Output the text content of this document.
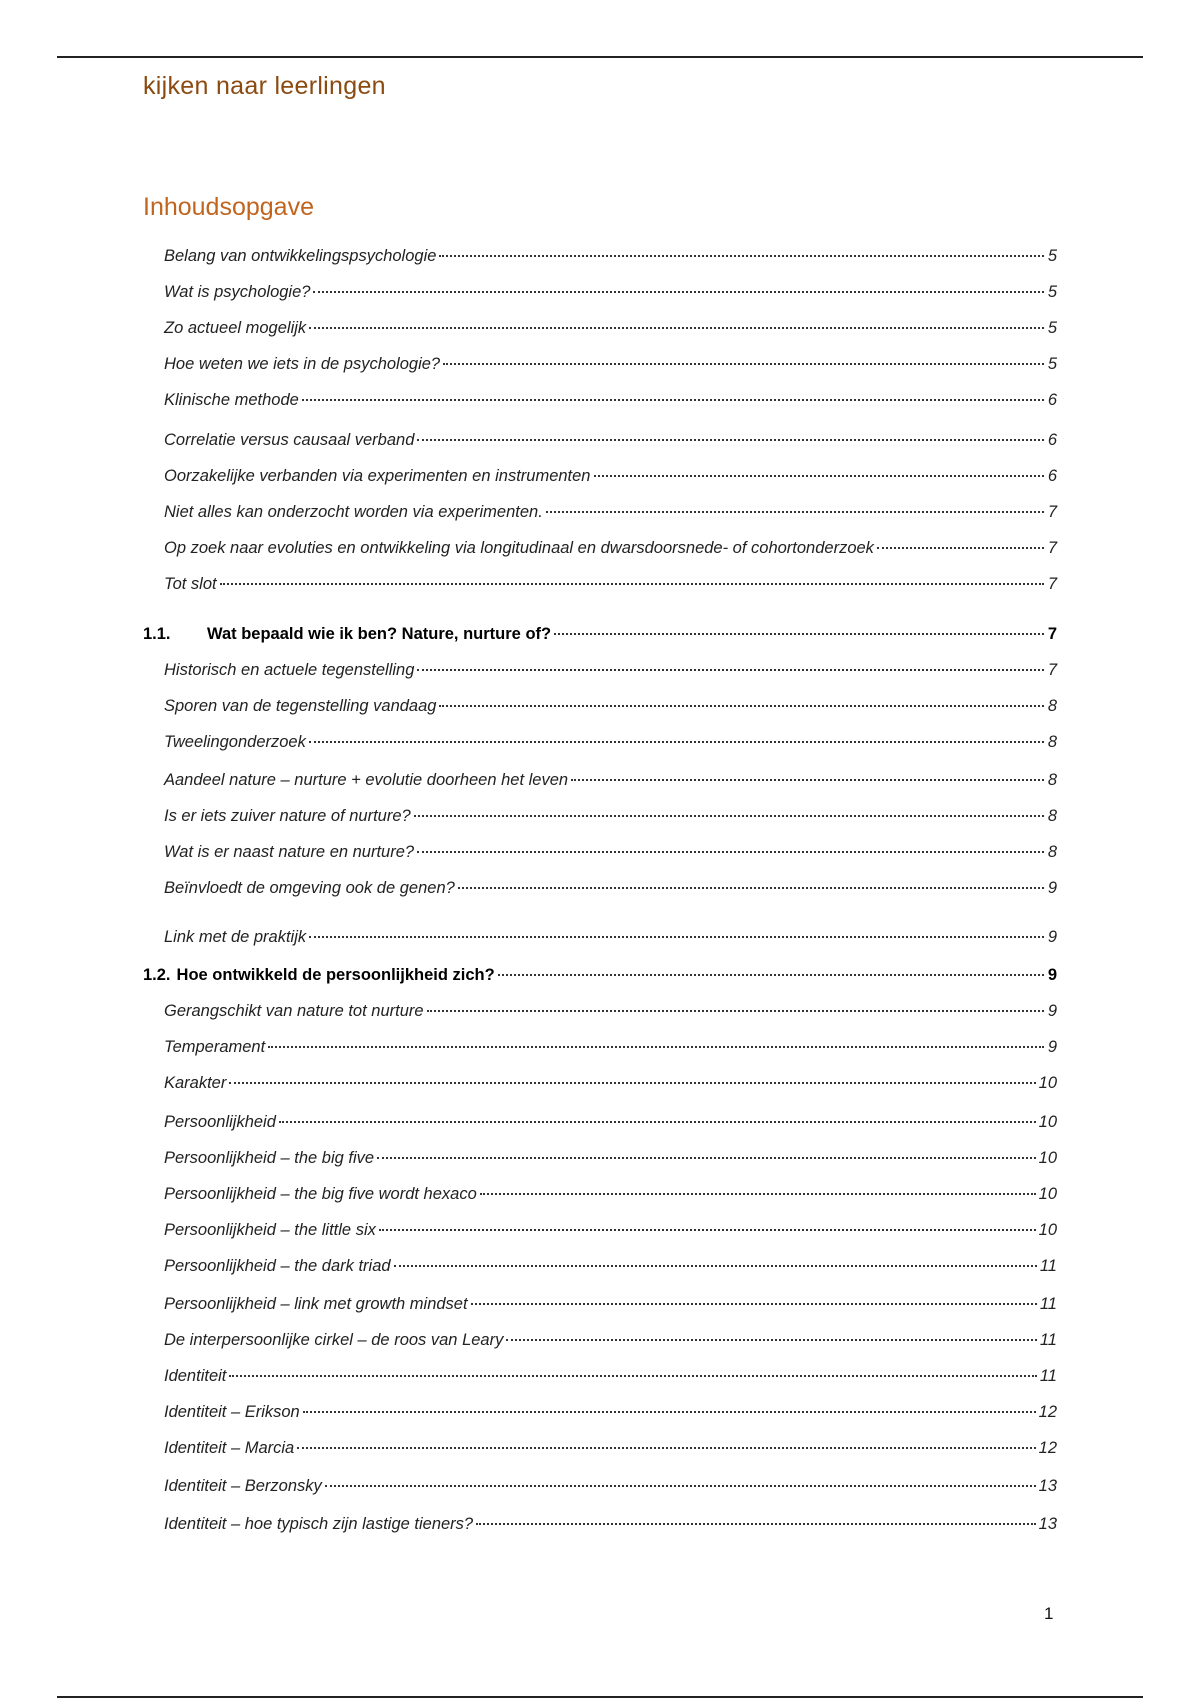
kijken naar leerlingen
Inhoudsopgave
Belang van ontwikkelingspsychologie	5
Wat is psychologie?	5
Zo actueel mogelijk	5
Hoe weten we iets in de psychologie?	5
Klinische methode	6
Correlatie versus causaal verband	6
Oorzakelijke verbanden via experimenten en instrumenten	6
Niet alles kan onderzocht worden via experimenten.	7
Op zoek naar evoluties en ontwikkeling via longitudinaal en dwarsdoorsnede- of cohortonderzoek	7
Tot slot	7
1.1.	Wat bepaald wie ik ben? Nature, nurture of?	7
Historisch en actuele tegenstelling	7
Sporen van de tegenstelling vandaag	8
Tweelingonderzoek	8
Aandeel nature – nurture + evolutie doorheen het leven	8
Is er iets zuiver nature of nurture?	8
Wat is er naast nature en nurture?	8
Beïnvloedt de omgeving ook de genen?	9
Link met de praktijk	9
1.2. Hoe ontwikkeld de persoonlijkheid zich?	9
Gerangschikt van nature tot nurture	9
Temperament	9
Karakter	10
Persoonlijkheid	10
Persoonlijkheid – the big five	10
Persoonlijkheid – the big five wordt hexaco	10
Persoonlijkheid – the little six	10
Persoonlijkheid – the dark triad	11
Persoonlijkheid – link met growth mindset	11
De interpersoonlijke cirkel – de roos van Leary	11
Identiteit	11
Identiteit – Erikson	12
Identiteit – Marcia	12
Identiteit – Berzonsky	13
Identiteit – hoe typisch zijn lastige tieners?	13
1
